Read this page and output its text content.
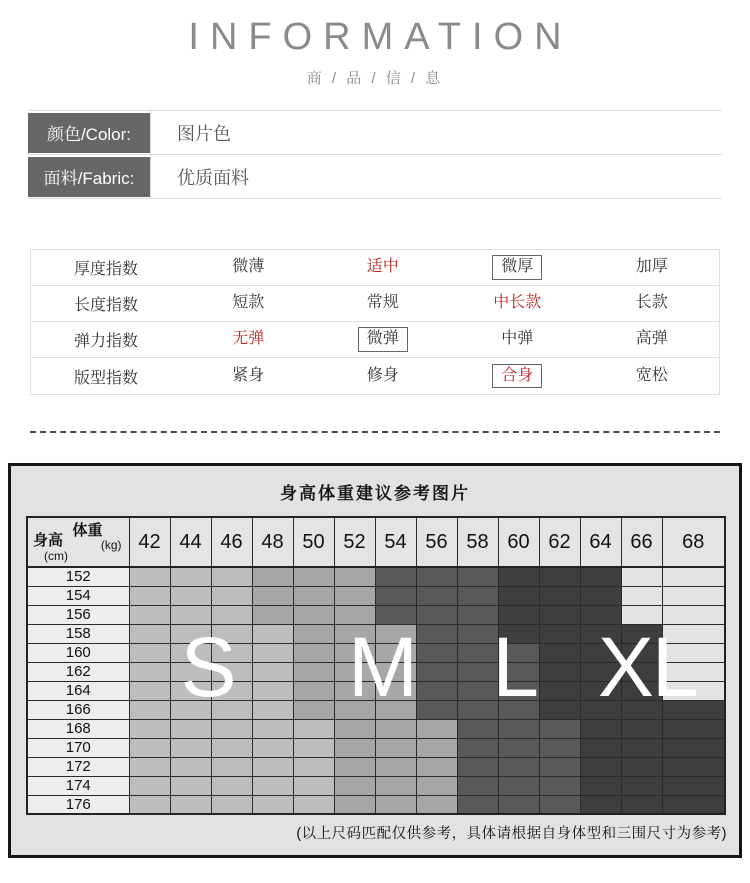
INFORMATION
商 / 品 / 信 / 息
颜色/Color:	图片色
面料/Fabric:	优质面料
厚度指数	微薄	适中	微厚	加厚
长度指数	短款	常规	中长款	长款
弹力指数	无弹	微弹	中弹	高弹
版型指数	紧身	修身	合身	宽松
身高体重建议参考图片
体重
(kg)
身高
(cm)	42	44	46	48	50	52	54	56	58	60	62	64	66	68
152														
154														
156														
158														
160														
162														
164														
166														
168														
170														
172														
174														
176														
S M L XL
(以上尺码匹配仅供参考，具体请根据自身体型和三围尺寸为参考)
